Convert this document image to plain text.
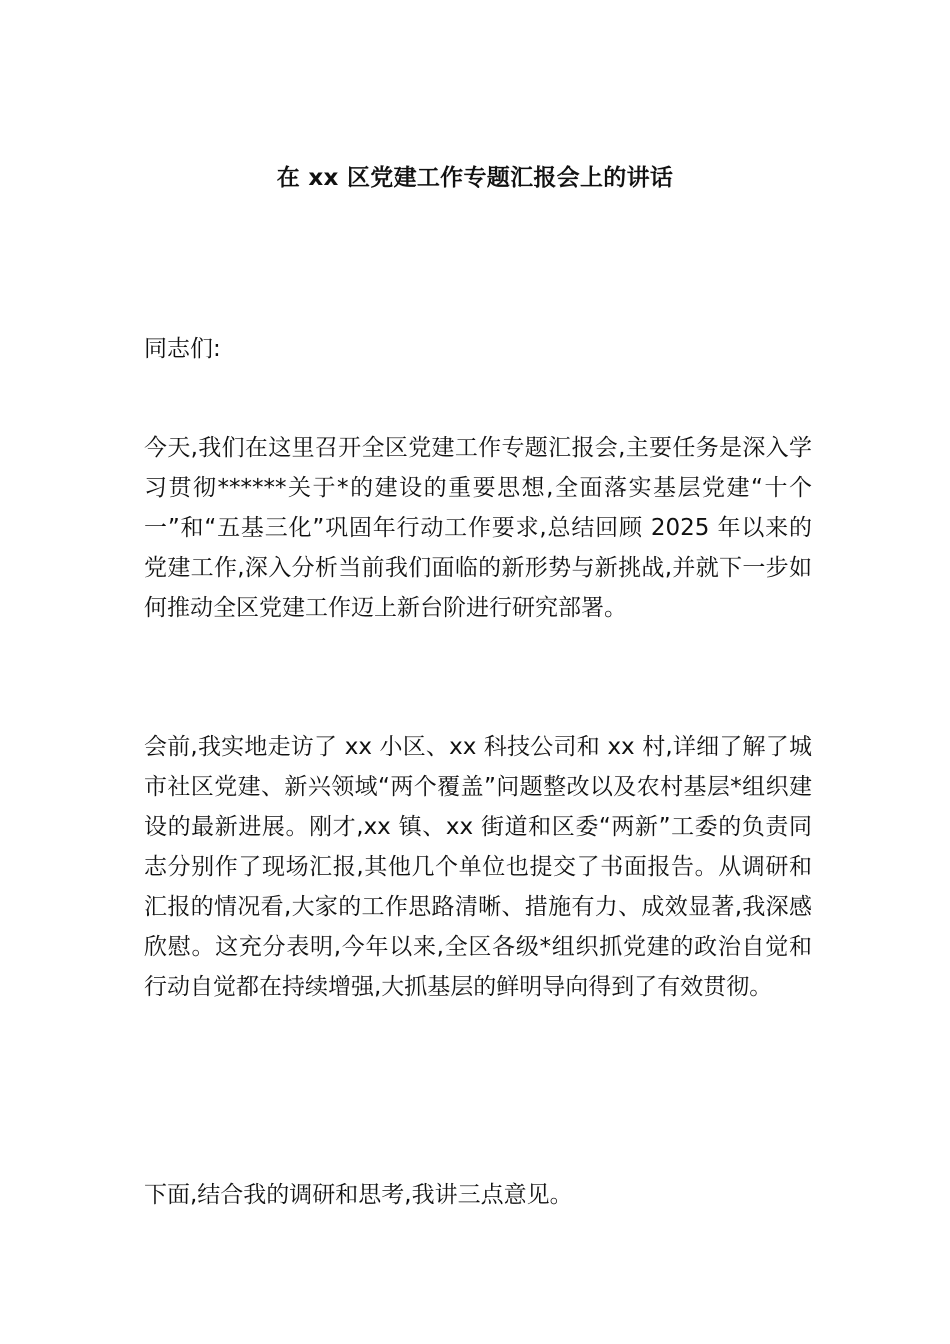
在 xx 区党建工作专题汇报会上的讲话
同志们:

今天,我们在这里召开全区党建工作专题汇报会,主要任务是深入学习贯彻******关于*的建设的重要思想,全面落实基层党建“十个一”和“五基三化”巩固年行动工作要求,总结回顾 2025 年以来的党建工作,深入分析当前我们面临的新形势与新挑战,并就下一步如何推动全区党建工作迈上新台阶进行研究部署。

会前,我实地走访了 xx 小区、xx 科技公司和 xx 村,详细了解了城市社区党建、新兴领域“两个覆盖”问题整改以及农村基层*组织建设的最新进展。刚才,xx 镇、xx 街道和区委“两新”工委的负责同志分别作了现场汇报,其他几个单位也提交了书面报告。从调研和汇报的情况看,大家的工作思路清晰、措施有力、成效显著,我深感欣慰。这充分表明,今年以来,全区各级*组织抓党建的政治自觉和行动自觉都在持续增强,大抓基层的鲜明导向得到了有效贯彻。

下面,结合我的调研和思考,我讲三点意见。
